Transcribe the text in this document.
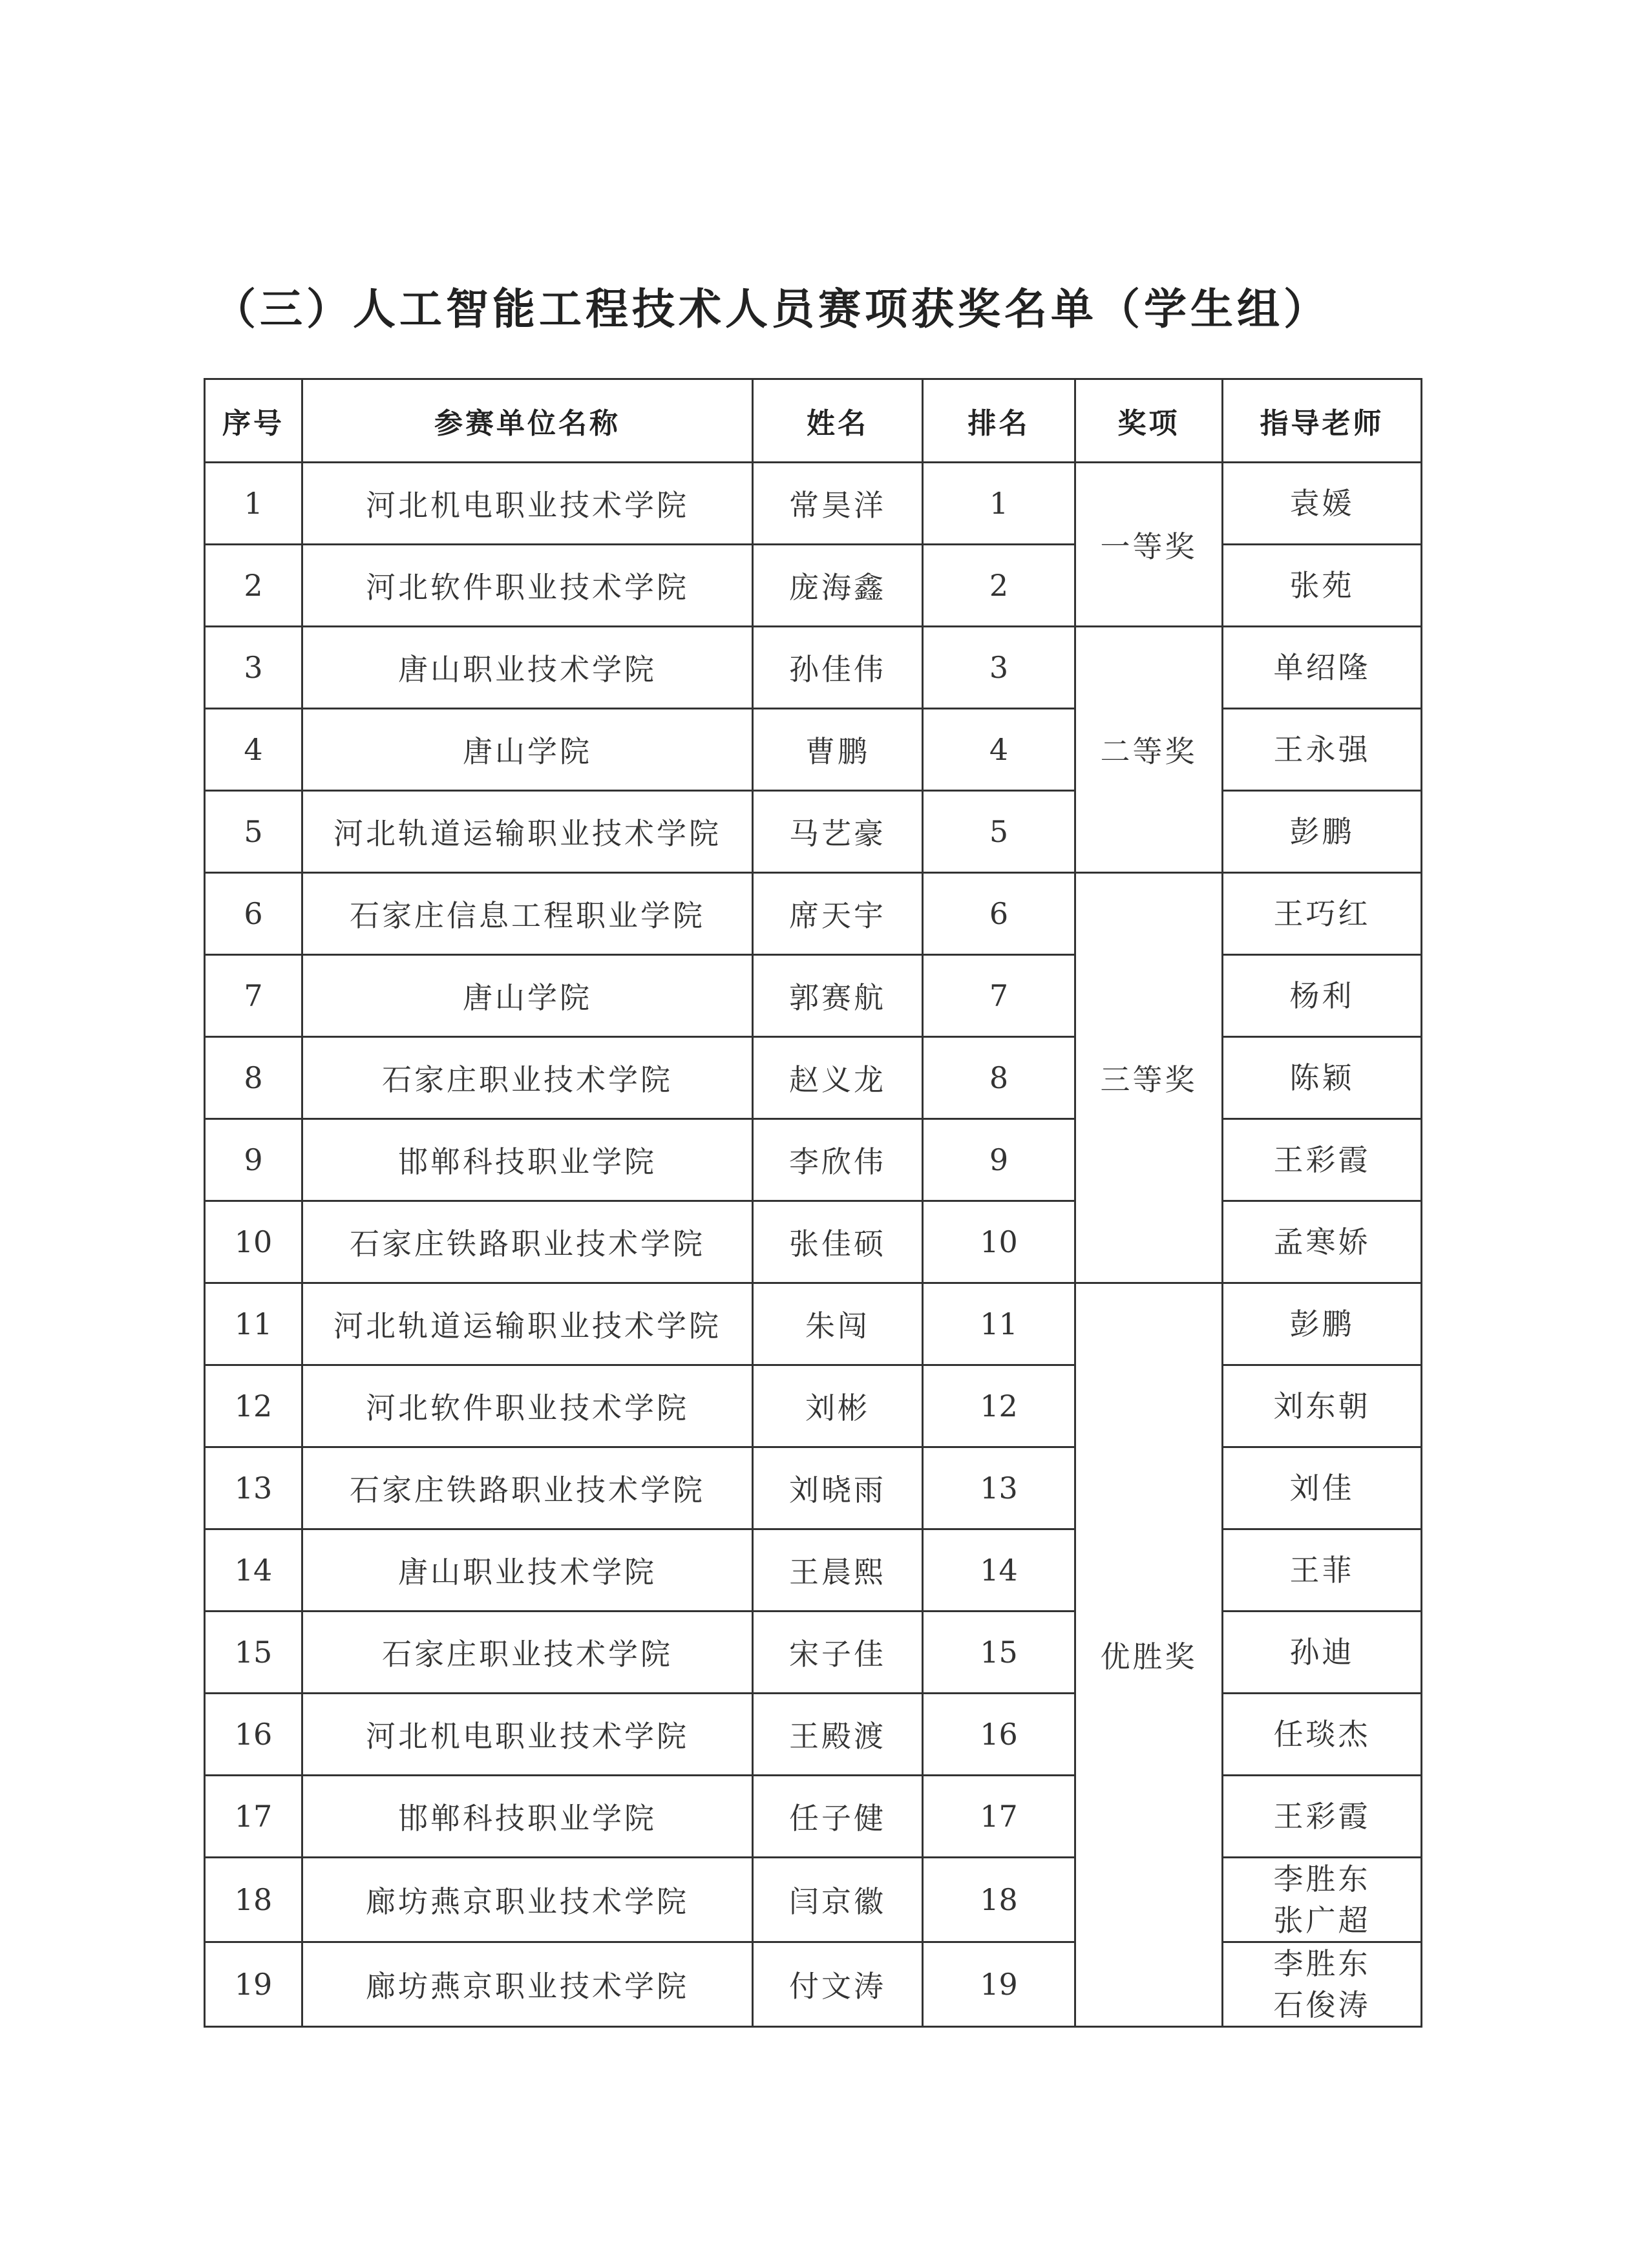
（三）人工智能工程技术人员赛项获奖名单（学生组）
序号	参赛单位名称	姓名	排名	奖项	指导老师
1	河北机电职业技术学院	常昊洋	1	一等奖	袁媛

2	河北软件职业技术学院	庞海鑫	2		张苑

3	唐山职业技术学院	孙佳伟	3	二等奖	单绍隆

4	唐山学院	曹鹏	4		王永强

5	河北轨道运输职业技术学院	马艺豪	5		彭鹏

6	石家庄信息工程职业学院	席天宇	6	三等奖	王巧红

7	唐山学院	郭赛航	7		杨利

8	石家庄职业技术学院	赵义龙	8		陈颖

9	邯郸科技职业学院	李欣伟	9		王彩霞

10	石家庄铁路职业技术学院	张佳硕	10		孟寒娇

11	河北轨道运输职业技术学院	朱闯	11	优胜奖	彭鹏

12	河北软件职业技术学院	刘彬	12		刘东朝

13	石家庄铁路职业技术学院	刘晓雨	13		刘佳

14	唐山职业技术学院	王晨熙	14		王菲

15	石家庄职业技术学院	宋子佳	15		孙迪

16	河北机电职业技术学院	王殿渡	16		任琰杰

17	邯郸科技职业学院	任子健	17		王彩霞

18	廊坊燕京职业技术学院	闫京徽	18		李胜东
张广超

19	廊坊燕京职业技术学院	付文涛	19		李胜东
石俊涛
